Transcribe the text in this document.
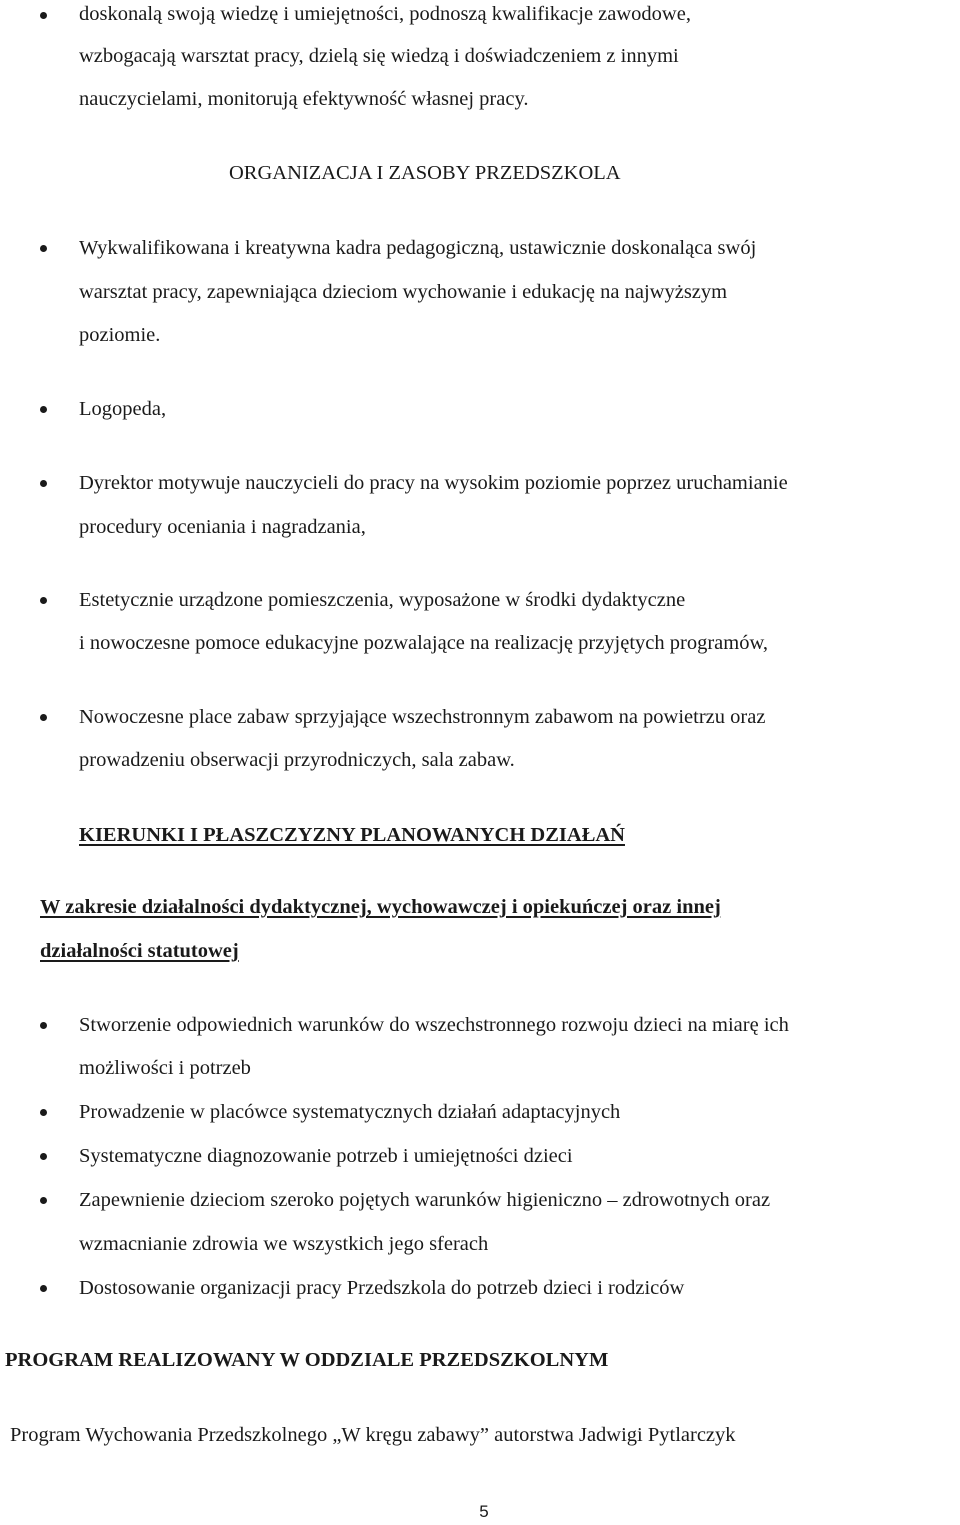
doskonalą swoją wiedzę i umiejętności, podnoszą kwalifikacje zawodowe,
wzbogacają warsztat pracy, dzielą się wiedzą i doświadczeniem z innymi
nauczycielami, monitorują efektywność własnej pracy.
ORGANIZACJA I ZASOBY PRZEDSZKOLA
Wykwalifikowana i kreatywna kadra pedagogiczną, ustawicznie doskonaląca swój
warsztat pracy, zapewniająca dzieciom wychowanie i edukację na najwyższym
poziomie.
Logopeda,
Dyrektor motywuje nauczycieli do pracy na wysokim poziomie poprzez uruchamianie
procedury oceniania i nagradzania,
Estetycznie urządzone pomieszczenia, wyposażone w środki dydaktyczne
i nowoczesne pomoce edukacyjne pozwalające na realizację przyjętych programów,
Nowoczesne place zabaw sprzyjające wszechstronnym zabawom na powietrzu oraz
prowadzeniu obserwacji przyrodniczych, sala zabaw.
KIERUNKI I PŁASZCZYZNY PLANOWANYCH DZIAŁAŃ
W zakresie działalności dydaktycznej, wychowawczej i opiekuńczej oraz innej
działalności statutowej
Stworzenie odpowiednich warunków do wszechstronnego rozwoju dzieci na miarę ich
możliwości i potrzeb
Prowadzenie w placówce systematycznych działań adaptacyjnych
Systematyczne diagnozowanie potrzeb i umiejętności dzieci
Zapewnienie dzieciom szeroko pojętych warunków higieniczno – zdrowotnych oraz
wzmacnianie zdrowia we wszystkich jego sferach
Dostosowanie organizacji pracy Przedszkola do potrzeb dzieci i rodziców
PROGRAM REALIZOWANY W ODDZIALE PRZEDSZKOLNYM
Program Wychowania Przedszkolnego „W kręgu zabawy” autorstwa Jadwigi Pytlarczyk
5
